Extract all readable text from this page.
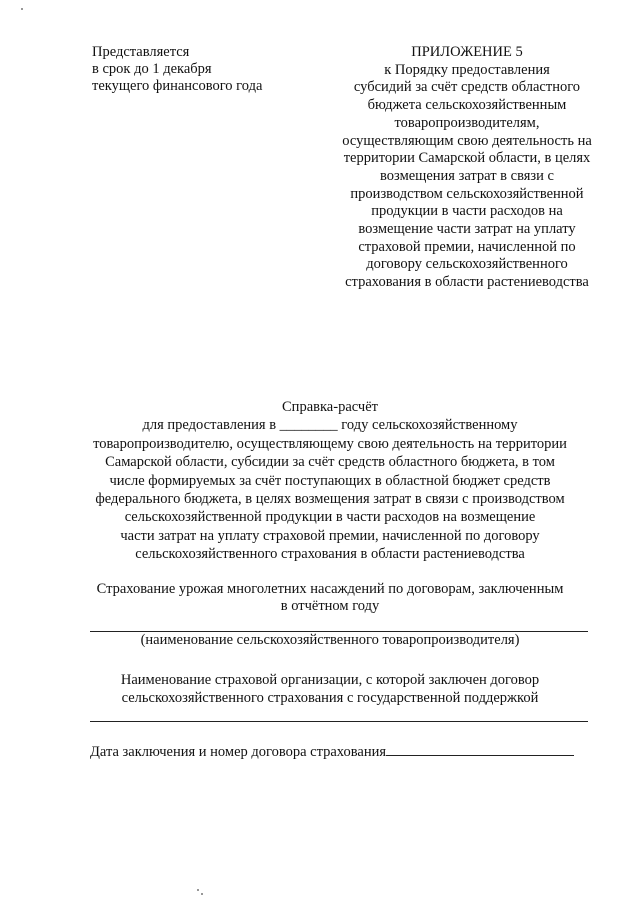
Представляется
в срок до 1 декабря
текущего финансового года
ПРИЛОЖЕНИЕ 5
к Порядку предоставления
субсидий за счёт средств областного
бюджета сельскохозяйственным
товаропроизводителям,
осуществляющим свою деятельность на
территории Самарской области, в целях
возмещения затрат в связи с
производством сельскохозяйственной
продукции в части расходов на
возмещение части затрат на уплату
страховой премии, начисленной по
договору сельскохозяйственного
страхования в области растениеводства
Справка-расчёт
для предоставления в ________ году сельскохозяйственному
товаропроизводителю, осуществляющему свою деятельность на территории
Самарской области, субсидии за счёт средств областного бюджета, в том
числе формируемых за счёт поступающих в областной бюджет средств
федерального бюджета, в целях возмещения затрат в связи с производством
сельскохозяйственной продукции в части расходов на возмещение
части затрат на уплату страховой премии, начисленной по договору
сельскохозяйственного страхования в области растениеводства
Страхование урожая многолетних насаждений по договорам, заключенным
в отчётном году
(наименование сельскохозяйственного товаропроизводителя)
Наименование страховой организации, с которой заключен договор
сельскохозяйственного страхования с государственной поддержкой
Дата заключения и номер договора страхования
